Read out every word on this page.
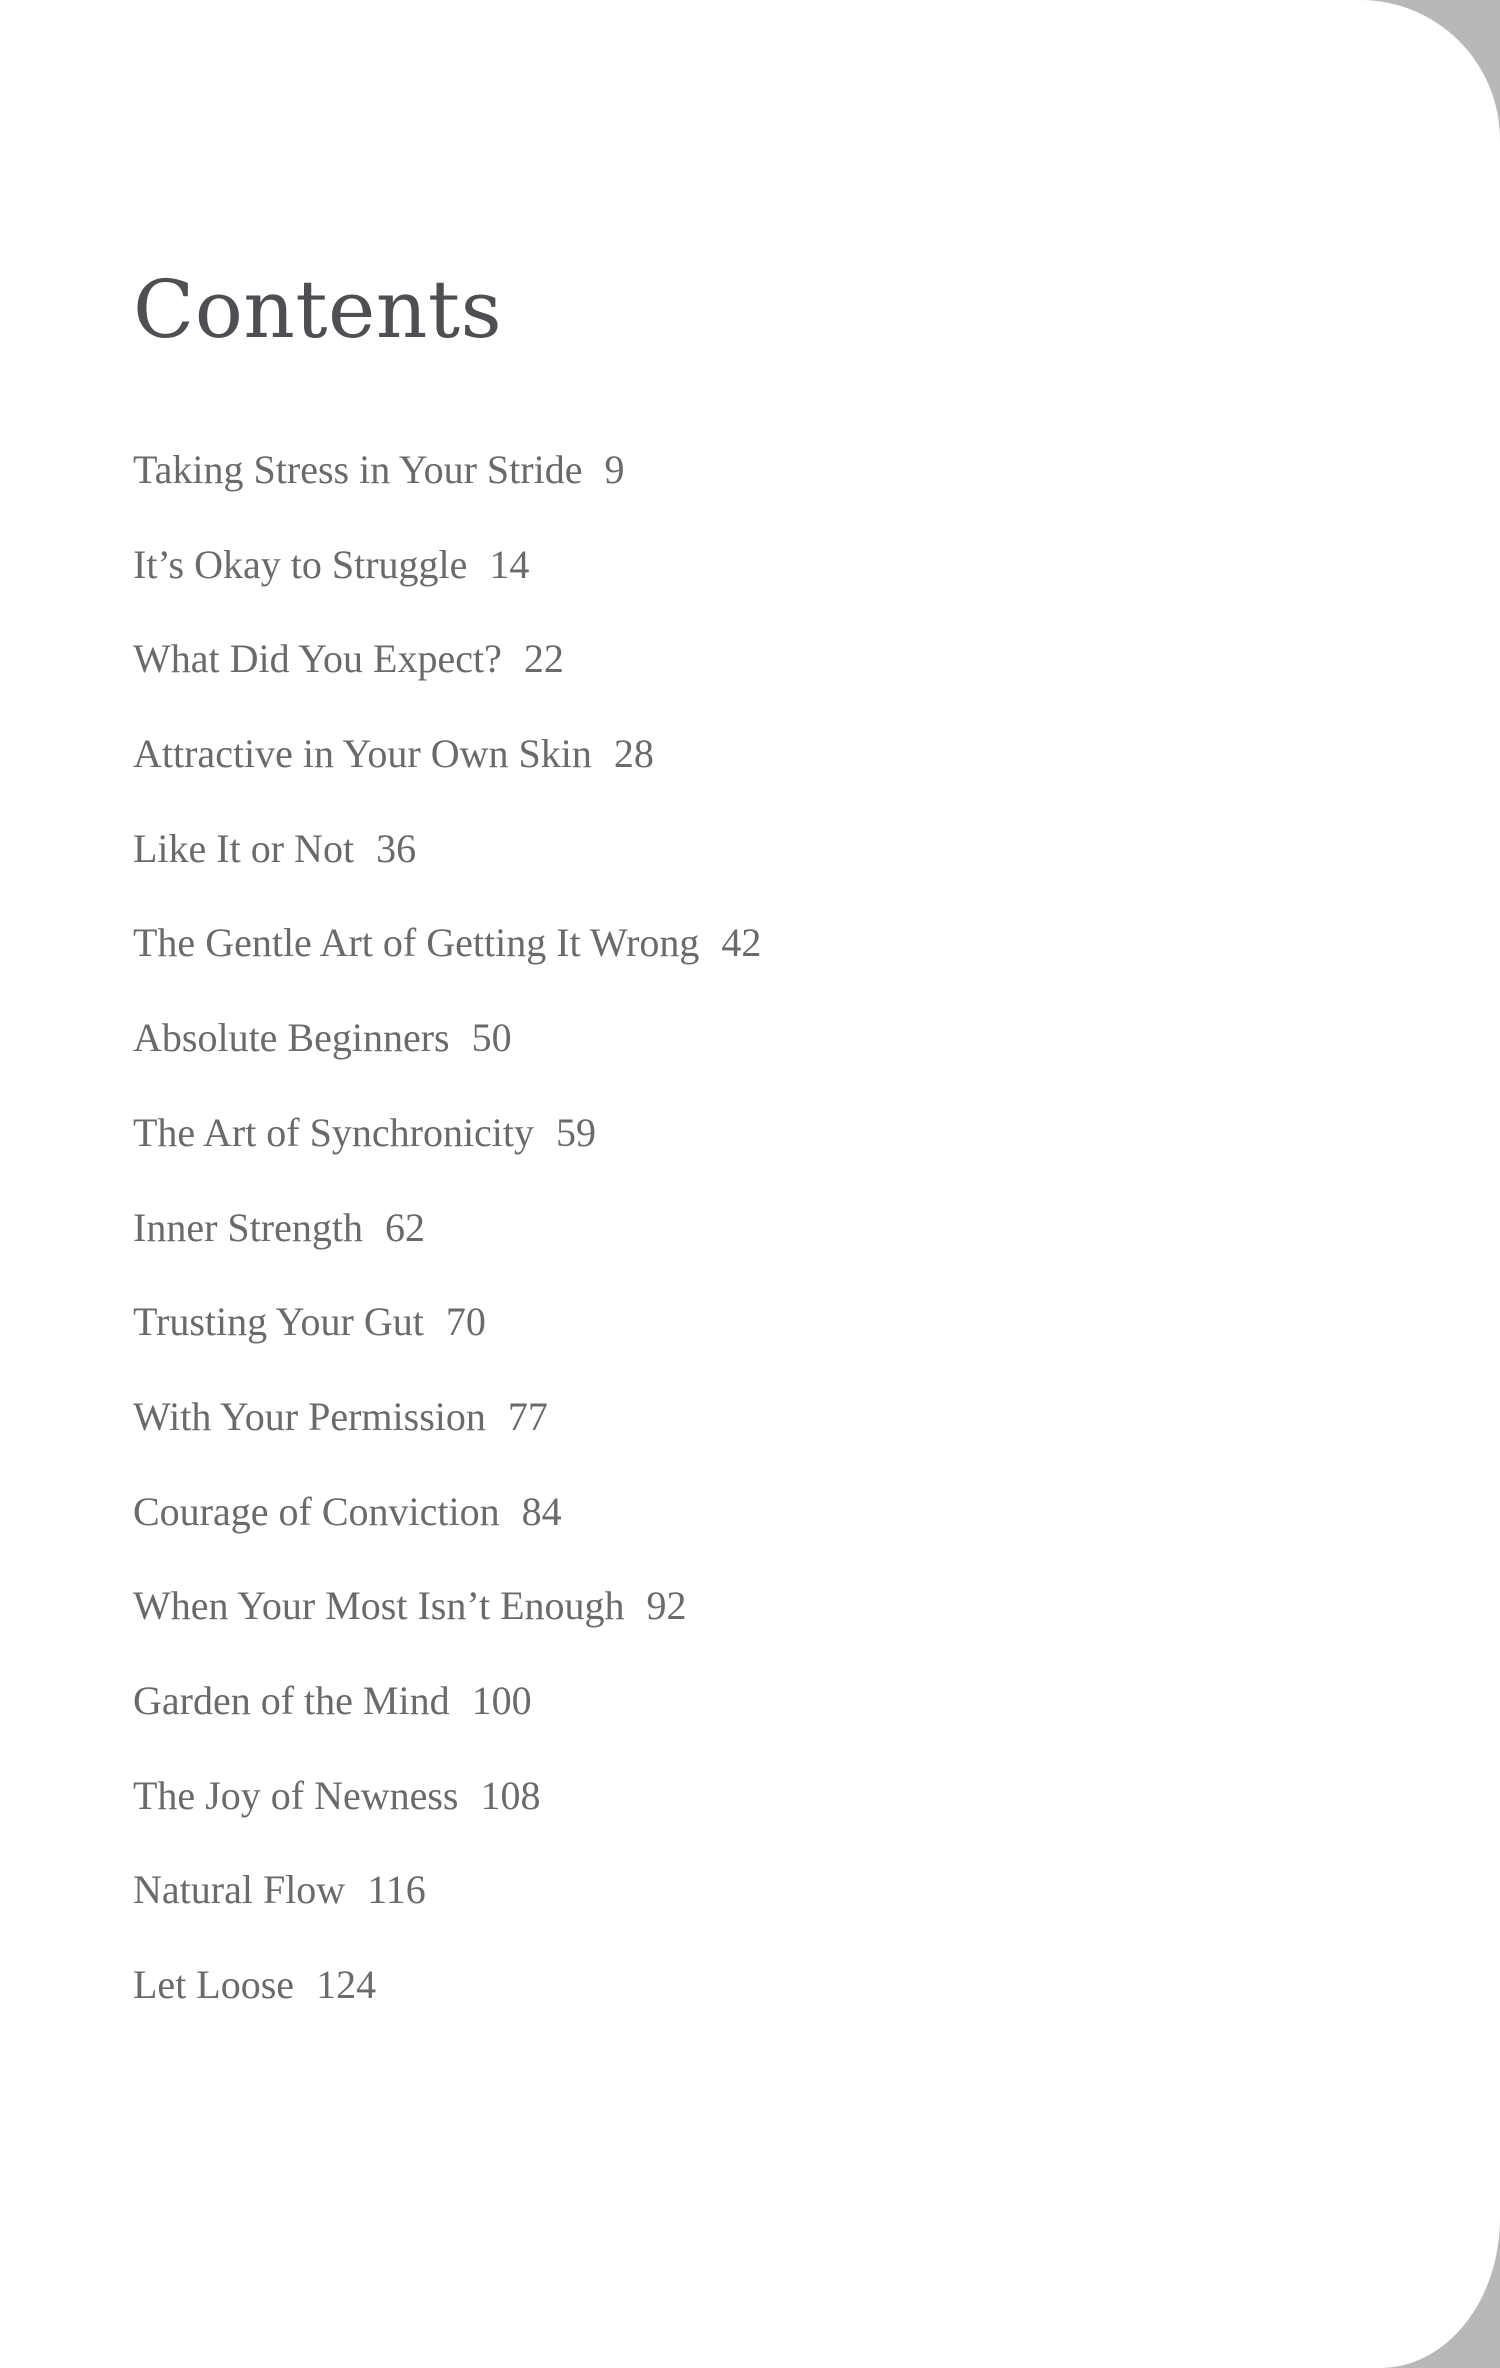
Contents
Taking Stress in Your Stride 9
It’s Okay to Struggle 14
What Did You Expect? 22
Attractive in Your Own Skin 28
Like It or Not 36
The Gentle Art of Getting It Wrong 42
Absolute Beginners 50
The Art of Synchronicity 59
Inner Strength 62
Trusting Your Gut 70
With Your Permission 77
Courage of Conviction 84
When Your Most Isn’t Enough 92
Garden of the Mind 100
The Joy of Newness 108
Natural Flow 116
Let Loose 124
